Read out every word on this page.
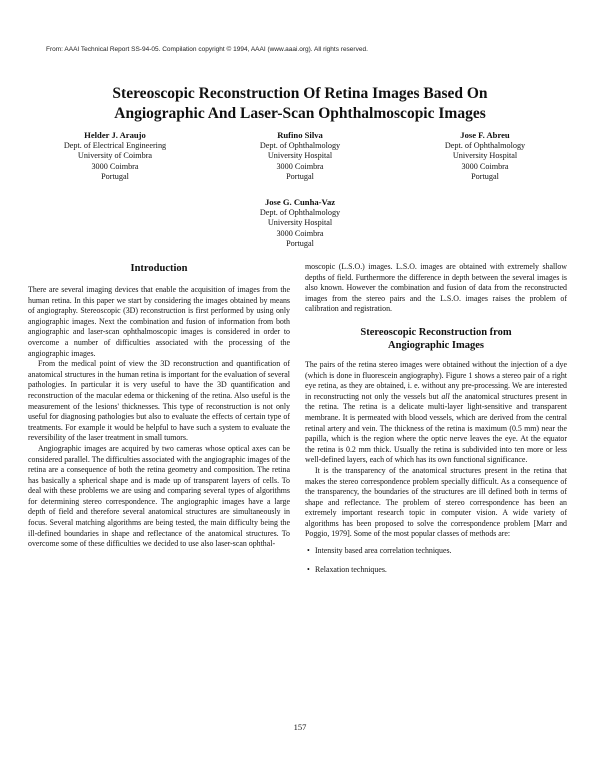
From: AAAI Technical Report SS-94-05. Compilation copyright © 1994, AAAI (www.aaai.org). All rights reserved.
Stereoscopic Reconstruction Of Retina Images Based On
Angiographic And Laser-Scan Ophthalmoscopic Images
Helder J. Araujo
Dept. of Electrical Engineering
University of Coimbra
3000 Coimbra
Portugal
Rufino Silva
Dept. of Ophthalmology
University Hospital
3000 Coimbra
Portugal
Jose F. Abreu
Dept. of Ophthalmology
University Hospital
3000 Coimbra
Portugal
Jose G. Cunha-Vaz
Dept. of Ophthalmology
University Hospital
3000 Coimbra
Portugal
Introduction

There are several imaging devices that enable the acquisition of images from the human retina. In this paper we start by considering the images obtained by means of angiography. Stereoscopic (3D) reconstruction is first performed by using only angiographic images. Next the combination and fusion of information from both angiographic and laser-scan ophthalmoscopic images is considered in order to overcome a number of difficulties associated with the processing of the angiographic images.

From the medical point of view the 3D reconstruction and quantification of anatomical structures in the human retina is important for the evaluation of several pathologies. In particular it is very useful to have the 3D quantification and reconstruction of the macular edema or thickening of the retina. Also useful is the measurement of the lesions' thicknesses. This type of reconstruction is not only useful for diagnosing pathologies but also to evaluate the effects of certain type of treatments. For example it would be helpful to have such a system to evaluate the reversibility of the laser treatment in small tumors.

Angiographic images are acquired by two cameras whose optical axes can be considered parallel. The difficulties associated with the angiographic images of the retina are a consequence of both the retina geometry and composition. The retina has basically a spherical shape and is made up of transparent layers of cells. To deal with these problems we are using and comparing several types of algorithms for determining stereo correspondence. The angiographic images have a large depth of field and therefore several anatomical structures are simultaneously in focus. Several matching algorithms are being tested, the main difficulty being the ill-defined boundaries in shape and reflectance of the anatomical structures. To overcome some of these difficulties we decided to use also laser-scan ophthal-

moscopic (L.S.O.) images. L.S.O. images are obtained with extremely shallow depths of field. Furthermore the difference in depth between the several images is also known. However the combination and fusion of data from the reconstructed images from the stereo pairs and the L.S.O. images raises the problem of calibration and registration.

Stereoscopic Reconstruction from
Angiographic Images

The pairs of the retina stereo images were obtained without the injection of a dye (which is done in fluorescein angiography). Figure 1 shows a stereo pair of a right eye retina, as they are obtained, i. e. without any pre-processing. We are interested in reconstructing not only the vessels but all the anatomical structures present in the retina. The retina is a delicate multi-layer light-sensitive and transparent membrane. It is permeated with blood vessels, which are derived from the central retinal artery and vein. The thickness of the retina is maximum (0.5 mm) near the papilla, which is the region where the optic nerve leaves the eye. At the equator the retina is 0.2 mm thick. Usually the retina is subdivided into ten more or less well-defined layers, each of which has its own functional significance.

It is the transparency of the anatomical structures present in the retina that makes the stereo correspondence problem specially difficult. As a consequence of the transparency, the boundaries of the structures are ill defined both in terms of shape and reflectance. The problem of stereo correspondence has been an extremely important research topic in computer vision. A wide variety of algorithms has been proposed to solve the correspondence problem [Marr and Poggio, 1979]. Some of the most popular classes of methods are:

• Intensity based area correlation techniques.
• Relaxation techniques.
157
